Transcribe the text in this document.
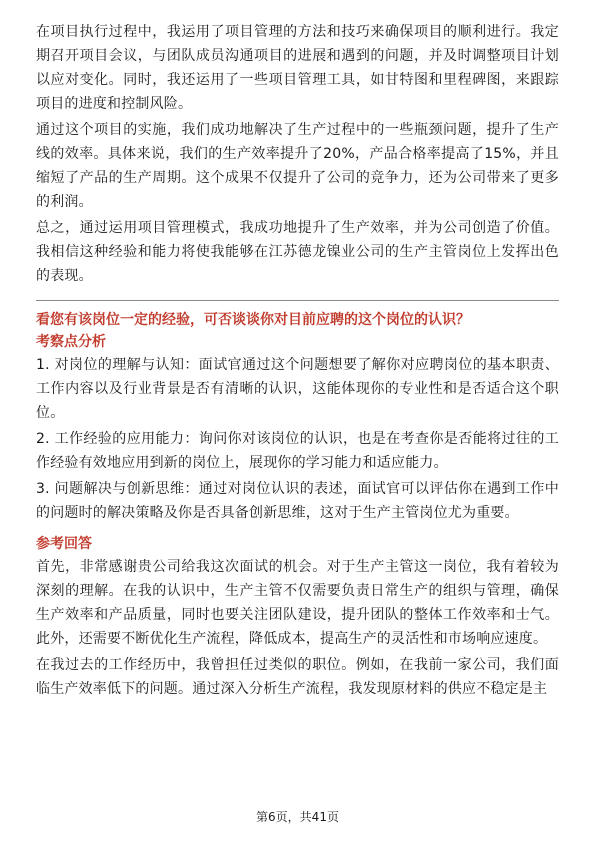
在项目执行过程中，我运用了项目管理的方法和技巧来确保项目的顺利进行。我定期召开项目会议，与团队成员沟通项目的进展和遇到的问题，并及时调整项目计划以应对变化。同时，我还运用了一些项目管理工具，如甘特图和里程碑图，来跟踪项目的进度和控制风险。

通过这个项目的实施，我们成功地解决了生产过程中的一些瓶颈问题，提升了生产线的效率。具体来说，我们的生产效率提升了20%，产品合格率提高了15%，并且缩短了产品的生产周期。这个成果不仅提升了公司的竞争力，还为公司带来了更多的利润。

总之，通过运用项目管理模式，我成功地提升了生产效率，并为公司创造了价值。我相信这种经验和能力将使我能够在江苏德龙镍业公司的生产主管岗位上发挥出色的表现。

看您有该岗位一定的经验，可否谈谈你对目前应聘的这个岗位的认识？

考察点分析

1. 对岗位的理解与认知：面试官通过这个问题想要了解你对应聘岗位的基本职责、工作内容以及行业背景是否有清晰的认识，这能体现你的专业性和是否适合这个职位。

2. 工作经验的应用能力：询问你对该岗位的认识，也是在考查你是否能将过往的工作经验有效地应用到新的岗位上，展现你的学习能力和适应能力。

3. 问题解决与创新思维：通过对岗位认识的表述，面试官可以评估你在遇到工作中的问题时的解决策略及你是否具备创新思维，这对于生产主管岗位尤为重要。

参考回答

首先，非常感谢贵公司给我这次面试的机会。对于生产主管这一岗位，我有着较为深刻的理解。在我的认识中，生产主管不仅需要负责日常生产的组织与管理，确保生产效率和产品质量，同时也要关注团队建设，提升团队的整体工作效率和士气。此外，还需要不断优化生产流程，降低成本，提高生产的灵活性和市场响应速度。

在我过去的工作经历中，我曾担任过类似的职位。例如，在我前一家公司，我们面临生产效率低下的问题。通过深入分析生产流程，我发现原材料的供应不稳定是主

第6页，共41页
